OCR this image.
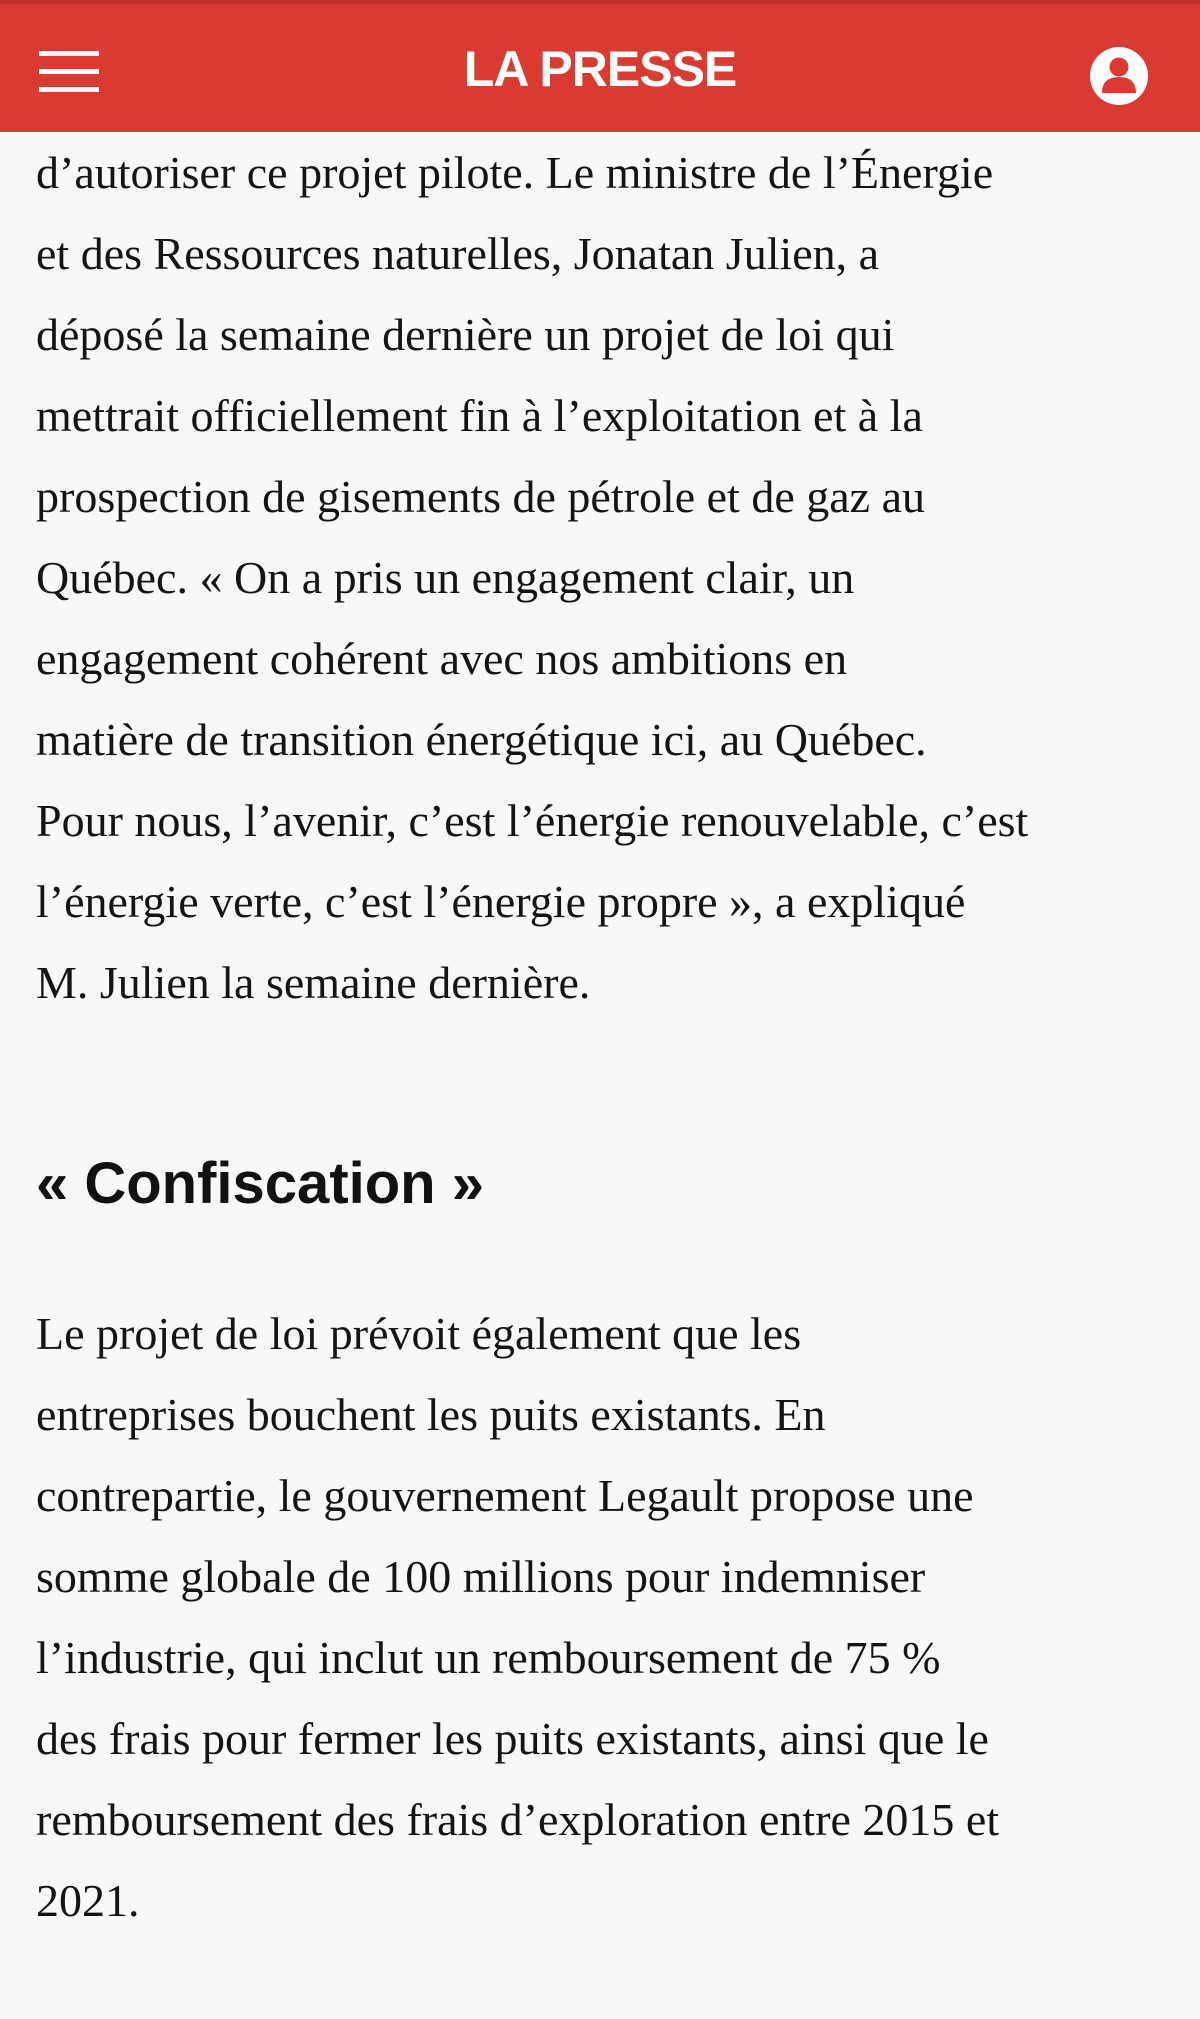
LA PRESSE

d’autoriser ce projet pilote. Le ministre de l’Énergie
et des Ressources naturelles, Jonatan Julien, a
déposé la semaine dernière un projet de loi qui
mettrait officiellement fin à l’exploitation et à la
prospection de gisements de pétrole et de gaz au
Québec. « On a pris un engagement clair, un
engagement cohérent avec nos ambitions en
matière de transition énergétique ici, au Québec.
Pour nous, l’avenir, c’est l’énergie renouvelable, c’est
l’énergie verte, c’est l’énergie propre », a expliqué
M. Julien la semaine dernière.

« Confiscation »

Le projet de loi prévoit également que les
entreprises bouchent les puits existants. En
contrepartie, le gouvernement Legault propose une
somme globale de 100 millions pour indemniser
l’industrie, qui inclut un remboursement de 75 %
des frais pour fermer les puits existants, ainsi que le
remboursement des frais d’exploration entre 2015 et
2021.
